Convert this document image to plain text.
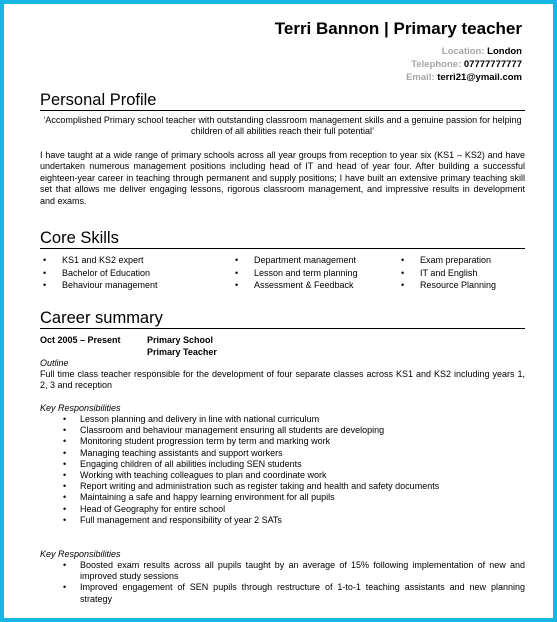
Terri Bannon | Primary teacher
Location: London
Telephone: 07777777777
Email: terri21@ymail.com
Personal Profile
‘Accomplished Primary school teacher with outstanding classroom management skills and a genuine passion for helping children of all abilities reach their full potential’
I have taught at a wide range of primary schools across all year groups from reception to year six (KS1 – KS2) and have undertaken numerous management positions including head of IT and head of year four. After building a successful eighteen-year career in teaching through permanent and supply positions; I have built an extensive primary teaching skill set that allows me deliver engaging lessons, rigorous classroom management, and impressive results in development and exams.
Core Skills
• KS1 and KS2 expert
• Bachelor of Education
• Behaviour management
• Department management
• Lesson and term planning
• Assessment & Feedback
• Exam preparation
• IT and English
• Resource Planning
Career summary
Oct 2005 – Present	Primary School
Primary Teacher
Outline
Full time class teacher responsible for the development of four separate classes across KS1 and KS2 including years 1, 2, 3 and reception
Key Responsibilities
• Lesson planning and delivery in line with national curriculum
• Classroom and behaviour management ensuring all students are developing
• Monitoring student progression term by term and marking work
• Managing teaching assistants and support workers
• Engaging children of all abilities including SEN students
• Working with teaching colleagues to plan and coordinate work
• Report writing and administration such as register taking and health and safety documents
• Maintaining a safe and happy learning environment for all pupils
• Head of Geography for entire school
• Full management and responsibility of year 2 SATs
Key Responsibilities
• Boosted exam results across all pupils taught by an average of 15% following implementation of new and improved study sessions
• Improved engagement of SEN pupils through restructure of 1-to-1 teaching assistants and new planning strategy
